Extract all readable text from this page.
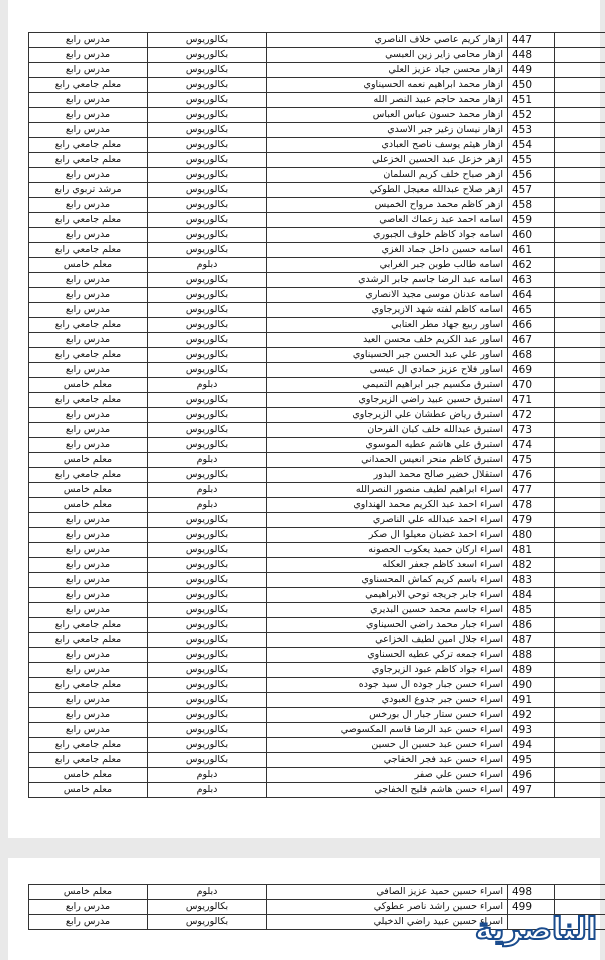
مدرس رابع	بكالوريوس	ازهار كريم عاصي خلاف الناصري	447	
مدرس رابع	بكالوريوس	ازهار محامي زاير زين العبسي	448	
مدرس رابع	بكالوريوس	ازهار محسن جياد عزيز العلي	449	
معلم جامعي رابع	بكالوريوس	ازهار محمد ابراهيم نعمه الحسيناوي	450	
مدرس رابع	بكالوريوس	ازهار محمد حاجم عبيد النصر الله	451	
مدرس رابع	بكالوريوس	ازهار محمد حسون عباس العباس	452	
مدرس رابع	بكالوريوس	ازهار نيسان زغير جبر الاسدي	453	
معلم جامعي رابع	بكالوريوس	ازهار هيثم يوسف ناصح العبادي	454	
معلم جامعي رابع	بكالوريوس	ازهر خزعل عبد الحسين الخزعلي	455	
مدرس رابع	بكالوريوس	ازهر صباح خلف كريم السلمان	456	
مرشد تربوي رابع	بكالوريوس	ازهر صلاح عبدالله معيجل الطوكي	457	
مدرس رابع	بكالوريوس	ازهر كاظم محمد مرواح الخميس	458	
معلم جامعي رابع	بكالوريوس	اسامه احمد عبد زعماك العاصي	459	
مدرس رابع	بكالوريوس	اسامه جواد كاظم خلوف الجبوري	460	
معلم جامعي رابع	بكالوريوس	اسامه حسين داخل جماد الغزي	461	
معلم خامس	دبلوم	اسامه طالب طوبن جبر الغرابي	462	
مدرس رابع	بكالوريوس	اسامه عبد الرضا جاسم جابر الرشدي	463	
مدرس رابع	بكالوريوس	اسامه عدنان موسى مجيد الانصاري	464	
مدرس رابع	بكالوريوس	اسامه كاظم لفته شهد الازيرجاوي	465	
معلم جامعي رابع	بكالوريوس	اساور ربيع جهاد مطر العتابي	466	
مدرس رابع	بكالوريوس	اساور عبد الكريم خلف محسن العيد	467	
معلم جامعي رابع	بكالوريوس	اساور علي عبد الحسن جبر الحسيناوي	468	
مدرس رابع	بكالوريوس	اساور فلاح عزيز حمادي ال عيسى	469	
معلم خامس	دبلوم	استبرق مكسيم جبر ابراهيم التميمي	470	
معلم جامعي رابع	بكالوريوس	استبرق حسين عبيد راضي الزيرجاوي	471	
مدرس رابع	بكالوريوس	استبرق رياض عطشان علي الزيرجاوي	472	
مدرس رابع	بكالوريوس	استبرق عبدالله خلف كبان الفرحان	473	
مدرس رابع	بكالوريوس	استبرق علي هاشم عطيه الموسوي	474	
معلم خامس	دبلوم	استبرق كاظم منحر انعيس الحمداني	475	
معلم جامعي رابع	بكالوريوس	استقلال خضير صالح محمد البدور	476	
معلم خامس	دبلوم	اسراء ابراهيم لطيف منصور النصرالله	477	
معلم خامس	دبلوم	اسراء احمد عبد الكريم محمد الهنداوي	478	
مدرس رابع	بكالوريوس	اسراء احمد عبدالله علي الناصري	479	
مدرس رابع	بكالوريوس	اسراء احمد غضبان معيلوا ال صكر	480	
مدرس رابع	بكالوريوس	اسراء اركان حميد يعكوب الحصونه	481	
مدرس رابع	بكالوريوس	اسراء اسعد كاظم جعفر العكله	482	
مدرس رابع	بكالوريوس	اسراء باسم كريم كماش المحسناوي	483	
مدرس رابع	بكالوريوس	اسراء جابر جريجه توحي الابراهيمي	484	
مدرس رابع	بكالوريوس	اسراء جاسم محمد حسين البديري	485	
معلم جامعي رابع	بكالوريوس	اسراء جبار محمد راضي الحسيناوي	486	
معلم جامعي رابع	بكالوريوس	اسراء جلال امين لطيف الخزاعي	487	
مدرس رابع	بكالوريوس	اسراء جمعه تركي عطيه الحسناوي	488	
مدرس رابع	بكالوريوس	اسراء جواد كاظم عبود الزيرجاوي	489	
معلم جامعي رابع	بكالوريوس	اسراء حسن جبار جوده ال سيد جوده	490	
مدرس رابع	بكالوريوس	اسراء حسن جبر جدوع العبودي	491	
مدرس رابع	بكالوريوس	اسراء حسن ستار جبار ال بورخس	492	
مدرس رابع	بكالوريوس	اسراء حسن عبد الرضا قاسم المكسوصي	493	
معلم جامعي رابع	بكالوريوس	اسراء حسن عبد حسين ال حسين	494	
معلم جامعي رابع	بكالوريوس	اسراء حسن عبد فجر الخفاجي	495	
معلم خامس	دبلوم	اسراء حسن علي صفر	496	
معلم خامس	دبلوم	اسراء حسن هاشم فليح الخفاجي	497	
معلم خامس	دبلوم	اسراء حسين حميد عزيز الصافي	498	
مدرس رابع	بكالوريوس	اسراء حسين راشد ناصر عطوكي	499	
مدرس رابع	بكالوريوس	اسراء حسين عبيد راضي الدخيلي		
الناصرية
